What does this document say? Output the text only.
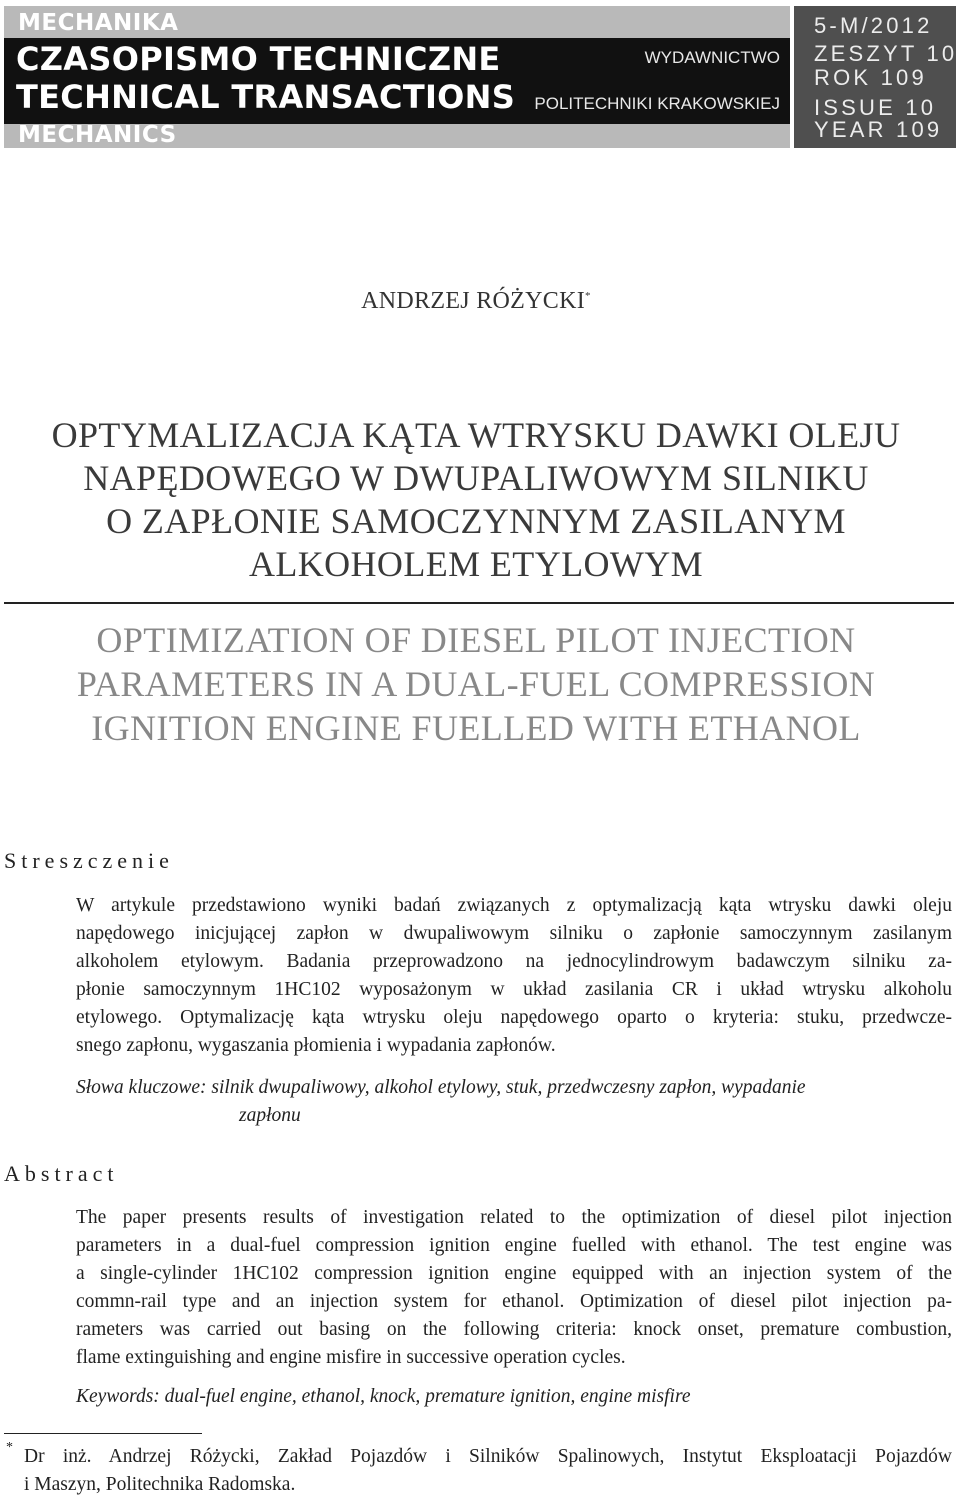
MECHANIKA
CZASOPISMO TECHNICZNE
TECHNICAL TRANSACTIONS
MECHANICS
WYDAWNICTWO
POLITECHNIKI KRAKOWSKIEJ
5-M/2012
ZESZYT 10
ROK 109
ISSUE 10
YEAR 109
ANDRZEJ RÓŻYCKI*
OPTYMALIZACJA KĄTA WTRYSKU DAWKI OLEJU
NAPĘDOWEGO W DWUPALIWOWYM SILNIKU
O ZAPŁONIE SAMOCZYNNYM ZASILANYM
ALKOHOLEM ETYLOWYM
OPTIMIZATION OF DIESEL PILOT INJECTION
PARAMETERS IN A DUAL-FUEL COMPRESSION
IGNITION ENGINE FUELLED WITH ETHANOL
Streszczenie
W artykule przedstawiono wyniki badań związanych z optymalizacją kąta wtrysku dawki oleju
napędowego inicjującej zapłon w dwupaliwowym silniku o zapłonie samoczynnym zasilanym
alkoholem etylowym. Badania przeprowadzono na jednocylindrowym badawczym silniku za-
płonie samoczynnym 1HC102 wyposażonym w układ zasilania CR i układ wtrysku alkoholu
etylowego. Optymalizację kąta wtrysku oleju napędowego oparto o kryteria: stuku, przedwcze-
snego zapłonu, wygaszania płomienia i wypadania zapłonów.
Słowa kluczowe: silnik dwupaliwowy, alkohol etylowy, stuk, przedwczesny zapłon, wypadanie
zapłonu
Abstract
The paper presents results of investigation related to the optimization of diesel pilot injection
parameters in a dual-fuel compression ignition engine fuelled with ethanol. The test engine was
a single-cylinder 1HC102 compression ignition engine equipped with an injection system of the
commn-rail type and an injection system for ethanol. Optimization of diesel pilot injection pa-
rameters was carried out basing on the following criteria: knock onset, premature combustion,
flame extinguishing and engine misfire in successive operation cycles.
Keywords: dual-fuel engine, ethanol, knock, premature ignition, engine misfire
* Dr inż. Andrzej Różycki, Zakład Pojazdów i Silników Spalinowych, Instytut Eksploatacji Pojazdów
i Maszyn, Politechnika Radomska.
